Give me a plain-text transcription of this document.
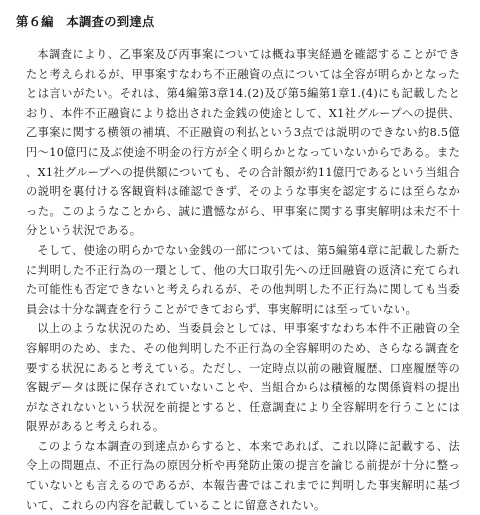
第６編　本調査の到達点

本調査により、乙事案及び丙事案については概ね事実経過を確認することができたと考えられるが、甲事案すなわち不正融資の点については全容が明らかとなったとは言いがたい。それは、第4編第3章14.(2)及び第5編第1章1.(4)にも記載したとおり、本件不正融資により捻出された金銭の使途として、X1社グループへの提供、乙事案に関する横領の補填、不正融資の利払という3点では説明のできない約8.5億円～10億円に及ぶ使途不明金の行方が全く明らかとなっていないからである。また、X1社グループへの提供額についても、その合計額が約11億円であるという当組合の説明を裏付ける客観資料は確認できず、そのような事実を認定するには至らなかった。このようなことから、誠に遺憾ながら、甲事案に関する事実解明は未だ不十分という状況である。

そして、使途の明らかでない金銭の一部については、第5編第4章に記載した新たに判明した不正行為の一環として、他の大口取引先への迂回融資の返済に充てられた可能性も否定できないと考えられるが、その他判明した不正行為に関しても当委員会は十分な調査を行うことができておらず、事実解明には至っていない。

以上のような状況のため、当委員会としては、甲事案すなわち本件不正融資の全容解明のため、また、その他判明した不正行為の全容解明のため、さらなる調査を要する状況にあると考えている。ただし、一定時点以前の融資履歴、口座履歴等の客観データは既に保存されていないことや、当組合からは積極的な関係資料の提出がなされないという状況を前提とすると、任意調査により全容解明を行うことには限界があると考えられる。

このような本調査の到達点からすると、本来であれば、これ以降に記載する、法令上の問題点、不正行為の原因分析や再発防止策の提言を論じる前提が十分に整っていないとも言えるのであるが、本報告書ではこれまでに判明した事実解明に基づいて、これらの内容を記載していることに留意されたい。
